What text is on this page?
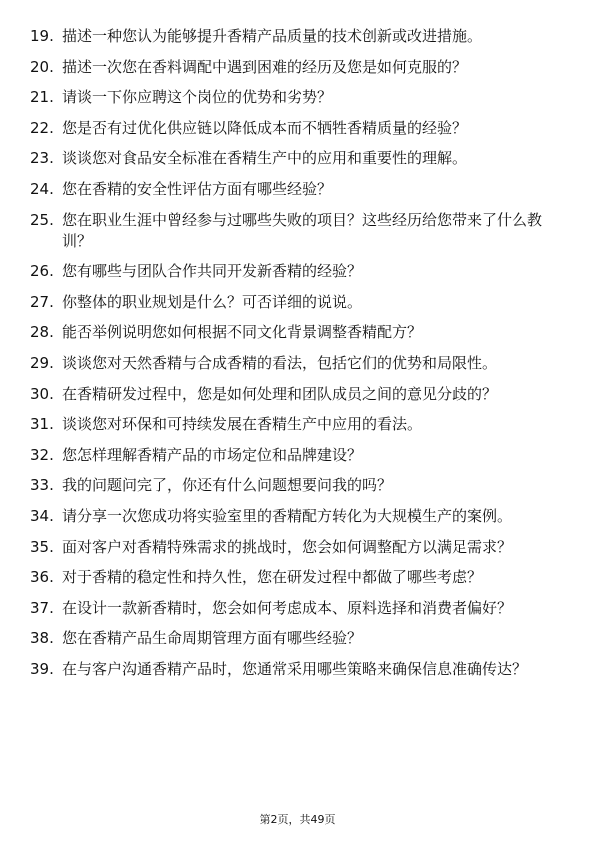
19. 描述一种您认为能够提升香精产品质量的技术创新或改进措施。
20. 描述一次您在香料调配中遇到困难的经历及您是如何克服的？
21. 请谈一下你应聘这个岗位的优势和劣势？
22. 您是否有过优化供应链以降低成本而不牺牲香精质量的经验？
23. 谈谈您对食品安全标准在香精生产中的应用和重要性的理解。
24. 您在香精的安全性评估方面有哪些经验？
25. 您在职业生涯中曾经参与过哪些失败的项目？这些经历给您带来了什么教训？
26. 您有哪些与团队合作共同开发新香精的经验？
27. 你整体的职业规划是什么？可否详细的说说。
28. 能否举例说明您如何根据不同文化背景调整香精配方？
29. 谈谈您对天然香精与合成香精的看法，包括它们的优势和局限性。
30. 在香精研发过程中，您是如何处理和团队成员之间的意见分歧的？
31. 谈谈您对环保和可持续发展在香精生产中应用的看法。
32. 您怎样理解香精产品的市场定位和品牌建设？
33. 我的问题问完了，你还有什么问题想要问我的吗？
34. 请分享一次您成功将实验室里的香精配方转化为大规模生产的案例。
35. 面对客户对香精特殊需求的挑战时，您会如何调整配方以满足需求？
36. 对于香精的稳定性和持久性，您在研发过程中都做了哪些考虑？
37. 在设计一款新香精时，您会如何考虑成本、原料选择和消费者偏好？
38. 您在香精产品生命周期管理方面有哪些经验？
39. 在与客户沟通香精产品时，您通常采用哪些策略来确保信息准确传达？
第2页，共49页
